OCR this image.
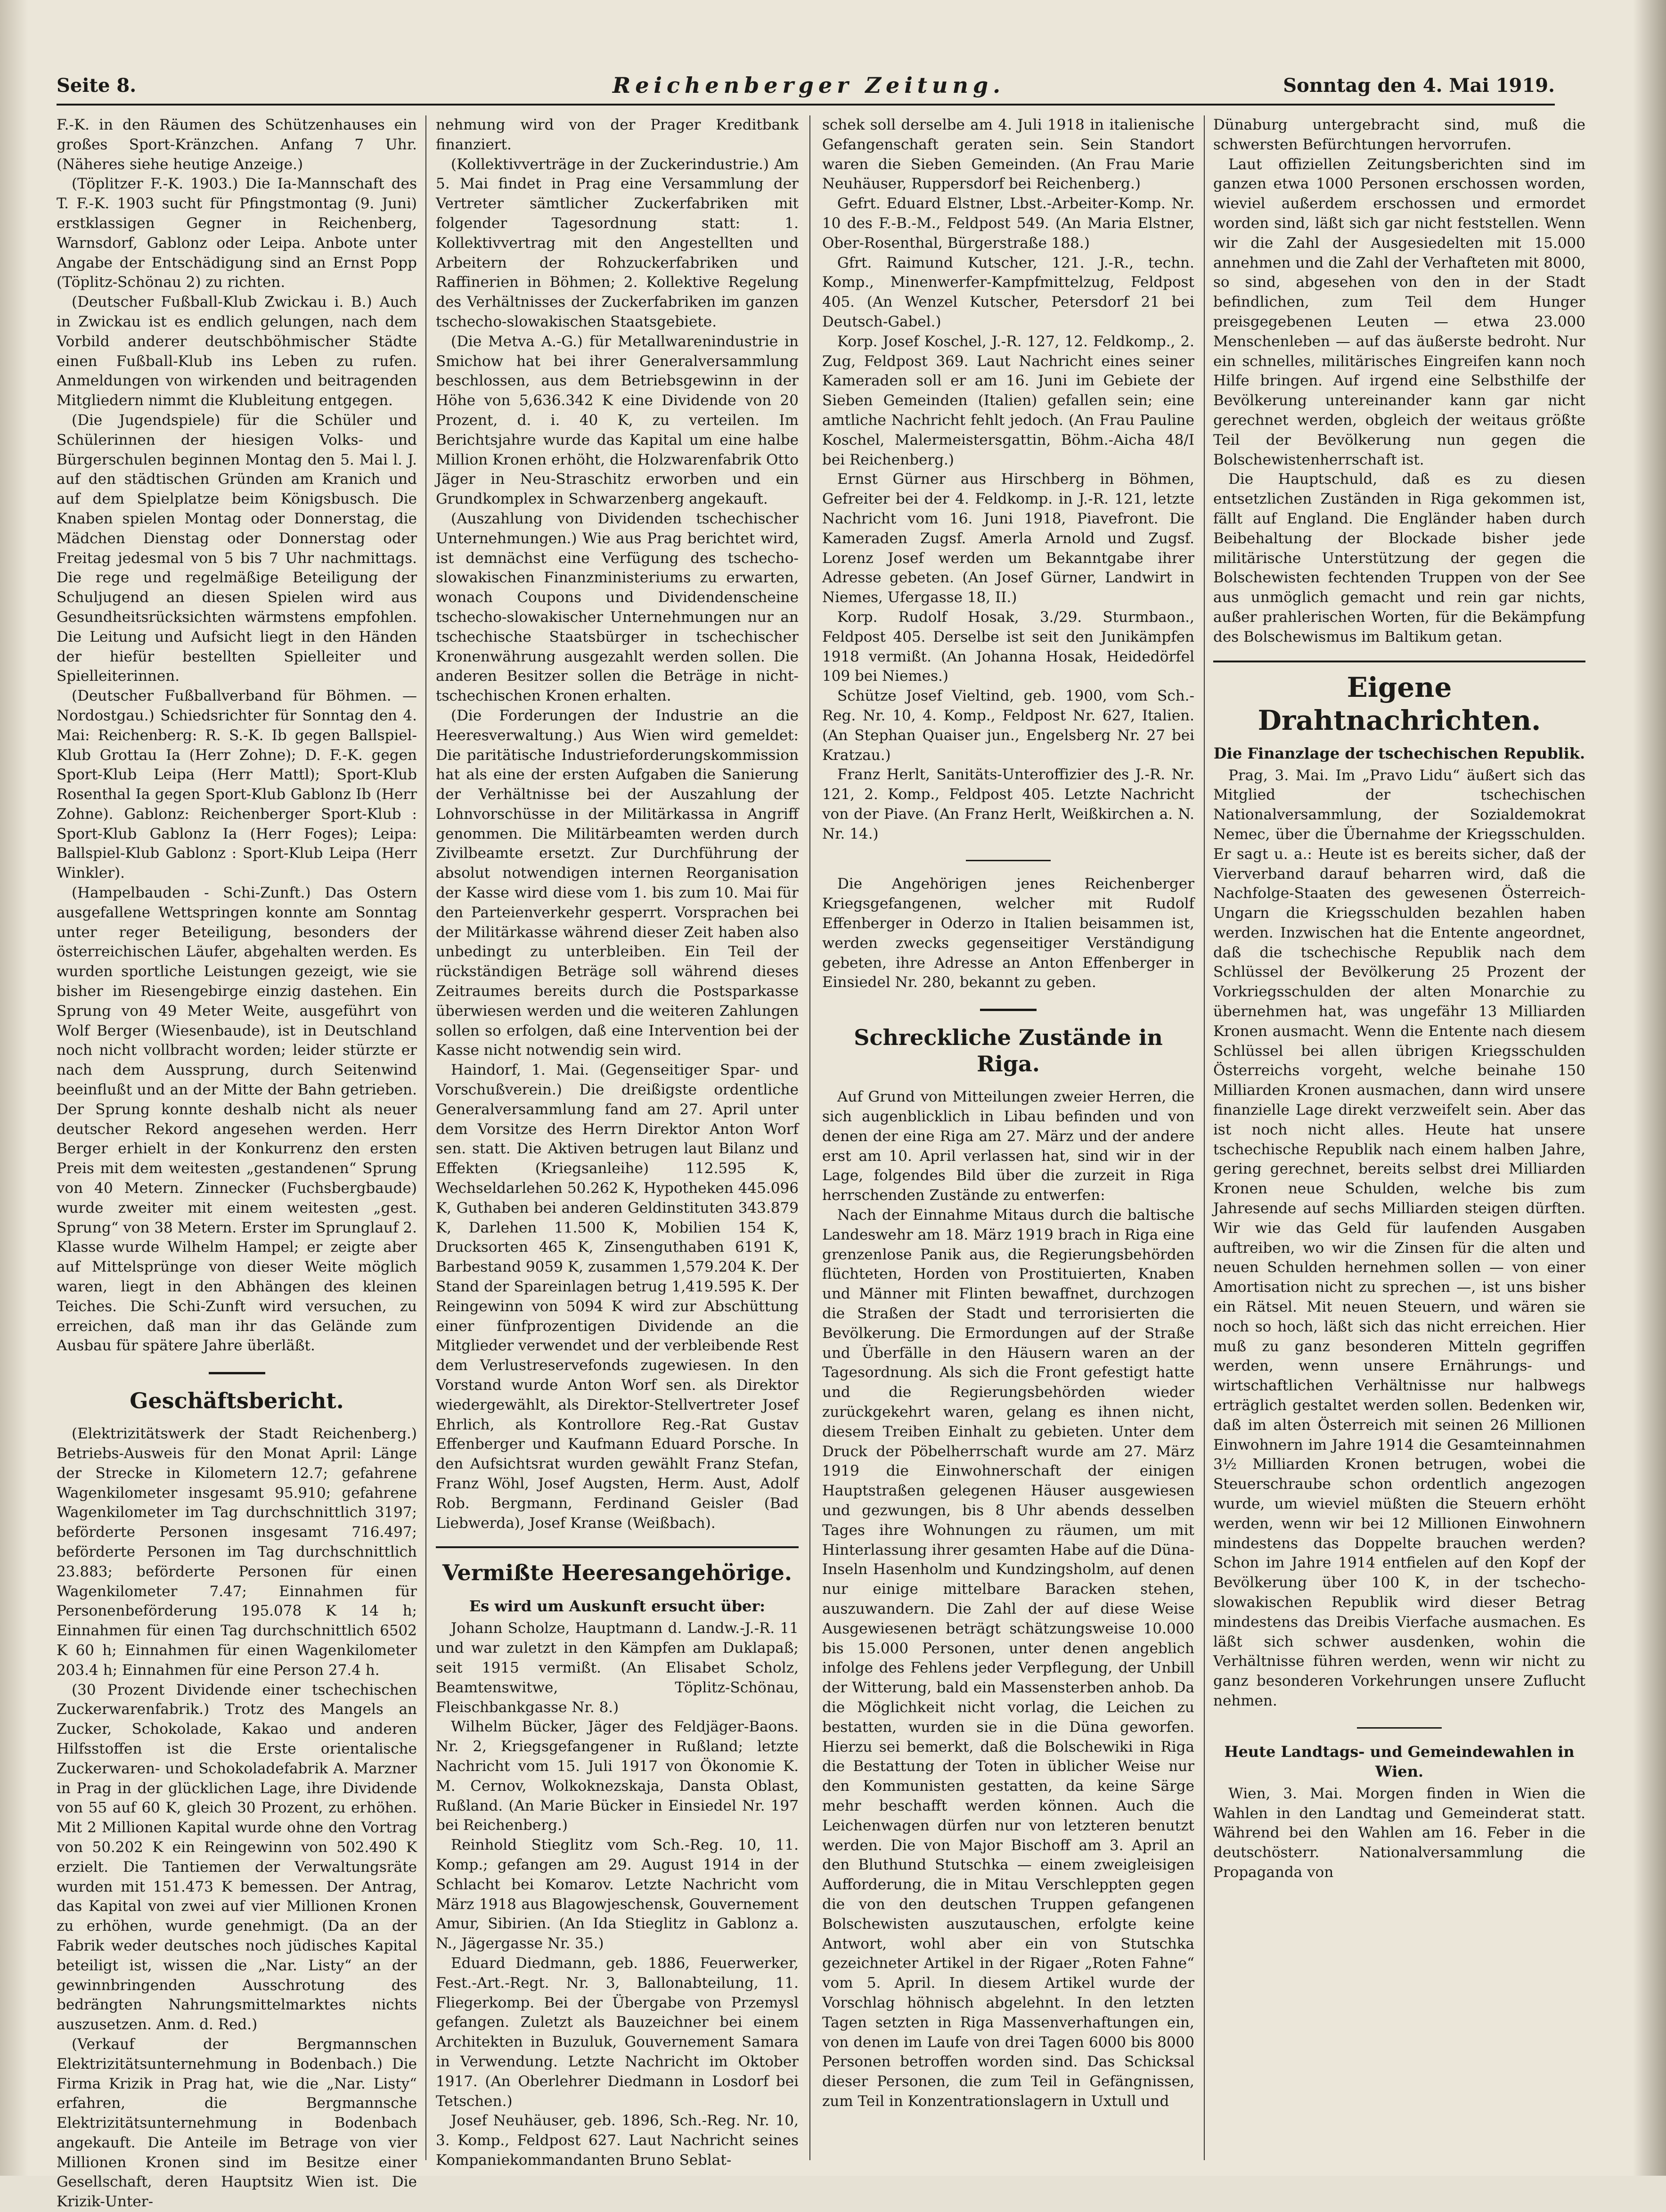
Seite 8.	Reichenberger Zeitung.	Sonntag den 4. Mai 1919.

F.-K. in den Räumen des Schützenhauses ein großes Sport-Kränzchen. Anfang 7 Uhr. (Näheres siehe heutige Anzeige.)

(Töplitzer F.-K. 1903.) Die Ia-Mannschaft des T. F.-K. 1903 sucht für Pfingstmontag (9. Juni) erstklassigen Gegner in Reichenberg, Warnsdorf, Gablonz oder Leipa. Anbote unter Angabe der Entschädigung sind an Ernst Popp (Töplitz-Schönau 2) zu richten.

(Deutscher Fußball-Klub Zwickau i. B.) Auch in Zwickau ist es endlich gelungen, nach dem Vorbild anderer deutschböhmischer Städte einen Fußball-Klub ins Leben zu rufen. Anmeldungen von wirkenden und beitragenden Mitgliedern nimmt die Klubleitung entgegen.

(Die Jugendspiele) für die Schüler und Schülerinnen der hiesigen Volks- und Bürgerschulen beginnen Montag den 5. Mai l. J. auf den städtischen Gründen am Kranich und auf dem Spielplatze beim Königsbusch. Die Knaben spielen Montag oder Donnerstag, die Mädchen Dienstag oder Donnerstag oder Freitag jedesmal von 5 bis 7 Uhr nachmittags. Die rege und regelmäßige Beteiligung der Schuljugend an diesen Spielen wird aus Gesundheitsrücksichten wärmstens empfohlen. Die Leitung und Aufsicht liegt in den Händen der hiefür bestellten Spielleiter und Spielleiterinnen.

(Deutscher Fußballverband für Böhmen. — Nordostgau.) Schiedsrichter für Sonntag den 4. Mai: Reichenberg: R. S.-K. Ib gegen Ballspiel-Klub Grottau Ia (Herr Zohne); D. F.-K. gegen Sport-Klub Leipa (Herr Mattl); Sport-Klub Rosenthal Ia gegen Sport-Klub Gablonz Ib (Herr Zohne). Gablonz: Reichenberger Sport-Klub : Sport-Klub Gablonz Ia (Herr Foges); Leipa: Ballspiel-Klub Gablonz : Sport-Klub Leipa (Herr Winkler).

(Hampelbauden - Schi-Zunft.) Das Ostern ausgefallene Wettspringen konnte am Sonntag unter reger Beteiligung, besonders der österreichischen Läufer, abgehalten werden. Es wurden sportliche Leistungen gezeigt, wie sie bisher im Riesengebirge einzig dastehen. Ein Sprung von 49 Meter Weite, ausgeführt von Wolf Berger (Wiesenbaude), ist in Deutschland noch nicht vollbracht worden; leider stürzte er nach dem Aussprung, durch Seitenwind beeinflußt und an der Mitte der Bahn getrieben. Der Sprung konnte deshalb nicht als neuer deutscher Rekord angesehen werden. Herr Berger erhielt in der Konkurrenz den ersten Preis mit dem weitesten „gestandenen“ Sprung von 40 Metern. Zinnecker (Fuchsbergbaude) wurde zweiter mit einem weitesten „gest. Sprung“ von 38 Metern. Erster im Sprunglauf 2. Klasse wurde Wilhelm Hampel; er zeigte aber auf Mittelsprünge von dieser Weite möglich waren, liegt in den Abhängen des kleinen Teiches. Die Schi-Zunft wird versuchen, zu erreichen, daß man ihr das Gelände zum Ausbau für spätere Jahre überläßt.

Geschäftsbericht.

(Elektrizitätswerk der Stadt Reichenberg.) Betriebs-Ausweis für den Monat April: Länge der Strecke in Kilometern 12.7; gefahrene Wagenkilometer insgesamt 95.910; gefahrene Wagenkilometer im Tag durchschnittlich 3197; beförderte Personen insgesamt 716.497; beförderte Personen im Tag durchschnittlich 23.883; beförderte Personen für einen Wagenkilometer 7.47; Einnahmen für Personenbeförderung 195.078 K 14 h; Einnahmen für einen Tag durchschnittlich 6502 K 60 h; Einnahmen für einen Wagenkilometer 203.4 h; Einnahmen für eine Person 27.4 h.

(30 Prozent Dividende einer tschechischen Zuckerwarenfabrik.) Trotz des Mangels an Zucker, Schokolade, Kakao und anderen Hilfsstoffen ist die Erste orientalische Zuckerwaren- und Schokoladefabrik A. Marzner in Prag in der glücklichen Lage, ihre Dividende von 55 auf 60 K, gleich 30 Prozent, zu erhöhen. Mit 2 Millionen Kapital wurde ohne den Vortrag von 50.202 K ein Reingewinn von 502.490 K erzielt. Die Tantiemen der Verwaltungsräte wurden mit 151.473 K bemessen. Der Antrag, das Kapital von zwei auf vier Millionen Kronen zu erhöhen, wurde genehmigt. (Da an der Fabrik weder deutsches noch jüdisches Kapital beteiligt ist, wissen die „Nar. Listy“ an der gewinnbringenden Ausschrotung des bedrängten Nahrungsmittelmarktes nichts auszusetzen. Anm. d. Red.)

(Verkauf der Bergmannschen Elektrizitätsunternehmung in Bodenbach.) Die Firma Krizik in Prag hat, wie die „Nar. Listy“ erfahren, die Bergmannsche Elektrizitätsunternehmung in Bodenbach angekauft. Die Anteile im Betrage von vier Millionen Kronen sind im Besitze einer Gesellschaft, deren Hauptsitz Wien ist. Die Krizik-Unter-

nehmung wird von der Prager Kreditbank finanziert.

(Kollektivverträge in der Zuckerindustrie.) Am 5. Mai findet in Prag eine Versammlung der Vertreter sämtlicher Zuckerfabriken mit folgender Tagesordnung statt: 1. Kollektivvertrag mit den Angestellten und Arbeitern der Rohzuckerfabriken und Raffinerien in Böhmen; 2. Kollektive Regelung des Verhältnisses der Zuckerfabriken im ganzen tschecho-slowakischen Staatsgebiete.

(Die Metva A.-G.) für Metallwarenindustrie in Smichow hat bei ihrer Generalversammlung beschlossen, aus dem Betriebsgewinn in der Höhe von 5,636.342 K eine Dividende von 20 Prozent, d. i. 40 K, zu verteilen. Im Berichtsjahre wurde das Kapital um eine halbe Million Kronen erhöht, die Holzwarenfabrik Otto Jäger in Neu-Straschitz erworben und ein Grundkomplex in Schwarzenberg angekauft.

(Auszahlung von Dividenden tschechischer Unternehmungen.) Wie aus Prag berichtet wird, ist demnächst eine Verfügung des tschecho-slowakischen Finanzministeriums zu erwarten, wonach Coupons und Dividendenscheine tschecho-slowakischer Unternehmungen nur an tschechische Staatsbürger in tschechischer Kronenwährung ausgezahlt werden sollen. Die anderen Besitzer sollen die Beträge in nicht-tschechischen Kronen erhalten.

(Die Forderungen der Industrie an die Heeresverwaltung.) Aus Wien wird gemeldet: Die paritätische Industrieforderungskommission hat als eine der ersten Aufgaben die Sanierung der Verhältnisse bei der Auszahlung der Lohnvorschüsse in der Militärkassa in Angriff genommen. Die Militärbeamten werden durch Zivilbeamte ersetzt. Zur Durchführung der absolut notwendigen internen Reorganisation der Kasse wird diese vom 1. bis zum 10. Mai für den Parteienverkehr gesperrt. Vorsprachen bei der Militärkasse während dieser Zeit haben also unbedingt zu unterbleiben. Ein Teil der rückständigen Beträge soll während dieses Zeitraumes bereits durch die Postsparkasse überwiesen werden und die weiteren Zahlungen sollen so erfolgen, daß eine Intervention bei der Kasse nicht notwendig sein wird.

Haindorf, 1. Mai. (Gegenseitiger Spar- und Vorschußverein.) Die dreißigste ordentliche Generalversammlung fand am 27. April unter dem Vorsitze des Herrn Direktor Anton Worf sen. statt. Die Aktiven betrugen laut Bilanz und Effekten (Kriegsanleihe) 112.595 K, Wechseldarlehen 50.262 K, Hypotheken 445.096 K, Guthaben bei anderen Geldinstituten 343.879 K, Darlehen 11.500 K, Mobilien 154 K, Drucksorten 465 K, Zinsenguthaben 6191 K, Barbestand 9059 K, zusammen 1,579.204 K. Der Stand der Spareinlagen betrug 1,419.595 K. Der Reingewinn von 5094 K wird zur Abschüttung einer fünfprozentigen Dividende an die Mitglieder verwendet und der verbleibende Rest dem Verlustreservefonds zugewiesen. In den Vorstand wurde Anton Worf sen. als Direktor wiedergewählt, als Direktor-Stellvertreter Josef Ehrlich, als Kontrollore Reg.-Rat Gustav Effenberger und Kaufmann Eduard Porsche. In den Aufsichtsrat wurden gewählt Franz Stefan, Franz Wöhl, Josef Augsten, Herm. Aust, Adolf Rob. Bergmann, Ferdinand Geisler (Bad Liebwerda), Josef Kranse (Weißbach).

Vermißte Heeresangehörige.
Es wird um Auskunft ersucht über:

Johann Scholze, Hauptmann d. Landw.-J.-R. 11 und war zuletzt in den Kämpfen am Duklapaß; seit 1915 vermißt. (An Elisabet Scholz, Beamtenswitwe, Töplitz-Schönau, Fleischbankgasse Nr. 8.)

Wilhelm Bücker, Jäger des Feldjäger-Baons. Nr. 2, Kriegsgefangener in Rußland; letzte Nachricht vom 15. Juli 1917 von Ökonomie K. M. Cernov, Wolkoknezskaja, Dansta Oblast, Rußland. (An Marie Bücker in Einsiedel Nr. 197 bei Reichenberg.)

Reinhold Stieglitz vom Sch.-Reg. 10, 11. Komp.; gefangen am 29. August 1914 in der Schlacht bei Komarov. Letzte Nachricht vom März 1918 aus Blagowjeschensk, Gouvernement Amur, Sibirien. (An Ida Stieglitz in Gablonz a. N., Jägergasse Nr. 35.)

Eduard Diedmann, geb. 1886, Feuerwerker, Fest.-Art.-Regt. Nr. 3, Ballonabteilung, 11. Fliegerkomp. Bei der Übergabe von Przemysl gefangen. Zuletzt als Bauzeichner bei einem Architekten in Buzuluk, Gouvernement Samara in Verwendung. Letzte Nachricht im Oktober 1917. (An Oberlehrer Diedmann in Losdorf bei Tetschen.)

Josef Neuhäuser, geb. 1896, Sch.-Reg. Nr. 10, 3. Komp., Feldpost 627. Laut Nachricht seines Kompaniekommandanten Bruno Seblat-

schek soll derselbe am 4. Juli 1918 in italienische Gefangenschaft geraten sein. Sein Standort waren die Sieben Gemeinden. (An Frau Marie Neuhäuser, Ruppersdorf bei Reichenberg.)

Gefrt. Eduard Elstner, Lbst.-Arbeiter-Komp. Nr. 10 des F.-B.-M., Feldpost 549. (An Maria Elstner, Ober-Rosenthal, Bürgerstraße 188.)

Gfrt. Raimund Kutscher, 121. J.-R., techn. Komp., Minenwerfer-Kampfmittelzug, Feldpost 405. (An Wenzel Kutscher, Petersdorf 21 bei Deutsch-Gabel.)

Korp. Josef Koschel, J.-R. 127, 12. Feldkomp., 2. Zug, Feldpost 369. Laut Nachricht eines seiner Kameraden soll er am 16. Juni im Gebiete der Sieben Gemeinden (Italien) gefallen sein; eine amtliche Nachricht fehlt jedoch. (An Frau Pauline Koschel, Malermeistersgattin, Böhm.-Aicha 48/I bei Reichenberg.)

Ernst Gürner aus Hirschberg in Böhmen, Gefreiter bei der 4. Feldkomp. in J.-R. 121, letzte Nachricht vom 16. Juni 1918, Piavefront. Die Kameraden Zugsf. Amerla Arnold und Zugsf. Lorenz Josef werden um Bekanntgabe ihrer Adresse gebeten. (An Josef Gürner, Landwirt in Niemes, Ufergasse 18, II.)

Korp. Rudolf Hosak, 3./29. Sturmbaon., Feldpost 405. Derselbe ist seit den Junikämpfen 1918 vermißt. (An Johanna Hosak, Heidedörfel 109 bei Niemes.)

Schütze Josef Vieltind, geb. 1900, vom Sch.-Reg. Nr. 10, 4. Komp., Feldpost Nr. 627, Italien. (An Stephan Quaiser jun., Engelsberg Nr. 27 bei Kratzau.)

Franz Herlt, Sanitäts-Unteroffizier des J.-R. Nr. 121, 2. Komp., Feldpost 405. Letzte Nachricht von der Piave. (An Franz Herlt, Weißkirchen a. N. Nr. 14.)

Die Angehörigen jenes Reichenberger Kriegsgefangenen, welcher mit Rudolf Effenberger in Oderzo in Italien beisammen ist, werden zwecks gegenseitiger Verständigung gebeten, ihre Adresse an Anton Effenberger in Einsiedel Nr. 280, bekannt zu geben.

Schreckliche Zustände in Riga.

Auf Grund von Mitteilungen zweier Herren, die sich augenblicklich in Libau befinden und von denen der eine Riga am 27. März und der andere erst am 10. April verlassen hat, sind wir in der Lage, folgendes Bild über die zurzeit in Riga herrschenden Zustände zu entwerfen:

Nach der Einnahme Mitaus durch die baltische Landeswehr am 18. März 1919 brach in Riga eine grenzenlose Panik aus, die Regierungsbehörden flüchteten, Horden von Prostituierten, Knaben und Männer mit Flinten bewaffnet, durchzogen die Straßen der Stadt und terrorisierten die Bevölkerung. Die Ermordungen auf der Straße und Überfälle in den Häusern waren an der Tagesordnung. Als sich die Front gefestigt hatte und die Regierungsbehörden wieder zurückgekehrt waren, gelang es ihnen nicht, diesem Treiben Einhalt zu gebieten. Unter dem Druck der Pöbelherrschaft wurde am 27. März 1919 die Einwohnerschaft der einigen Hauptstraßen gelegenen Häuser ausgewiesen und gezwungen, bis 8 Uhr abends desselben Tages ihre Wohnungen zu räumen, um mit Hinterlassung ihrer gesamten Habe auf die Düna-Inseln Hasenholm und Kundzingsholm, auf denen nur einige mittelbare Baracken stehen, auszuwandern. Die Zahl der auf diese Weise Ausgewiesenen beträgt schätzungsweise 10.000 bis 15.000 Personen, unter denen angeblich infolge des Fehlens jeder Verpflegung, der Unbill der Witterung, bald ein Massensterben anhob. Da die Möglichkeit nicht vorlag, die Leichen zu bestatten, wurden sie in die Düna geworfen. Hierzu sei bemerkt, daß die Bolschewiki in Riga die Bestattung der Toten in üblicher Weise nur den Kommunisten gestatten, da keine Särge mehr beschafft werden können. Auch die Leichenwagen dürfen nur von letzteren benutzt werden. Die von Major Bischoff am 3. April an den Bluthund Stutschka — einem zweigleisigen Aufforderung, die in Mitau Verschleppten gegen die von den deutschen Truppen gefangenen Bolschewisten auszutauschen, erfolgte keine Antwort, wohl aber ein von Stutschka gezeichneter Artikel in der Rigaer „Roten Fahne“ vom 5. April. In diesem Artikel wurde der Vorschlag höhnisch abgelehnt. In den letzten Tagen setzten in Riga Massenverhaftungen ein, von denen im Laufe von drei Tagen 6000 bis 8000 Personen betroffen worden sind. Das Schicksal dieser Personen, die zum Teil in Gefängnissen, zum Teil in Konzentrationslagern in Uxtull und

Dünaburg untergebracht sind, muß die schwersten Befürchtungen hervorrufen.

Laut offiziellen Zeitungsberichten sind im ganzen etwa 1000 Personen erschossen worden, wieviel außerdem erschossen und ermordet worden sind, läßt sich gar nicht feststellen. Wenn wir die Zahl der Ausgesiedelten mit 15.000 annehmen und die Zahl der Verhafteten mit 8000, so sind, abgesehen von den in der Stadt befindlichen, zum Teil dem Hunger preisgegebenen Leuten — etwa 23.000 Menschenleben — auf das äußerste bedroht. Nur ein schnelles, militärisches Eingreifen kann noch Hilfe bringen. Auf irgend eine Selbsthilfe der Bevölkerung untereinander kann gar nicht gerechnet werden, obgleich der weitaus größte Teil der Bevölkerung nun gegen die Bolschewistenherrschaft ist.

Die Hauptschuld, daß es zu diesen entsetzlichen Zuständen in Riga gekommen ist, fällt auf England. Die Engländer haben durch Beibehaltung der Blockade bisher jede militärische Unterstützung der gegen die Bolschewisten fechtenden Truppen von der See aus unmöglich gemacht und rein gar nichts, außer prahlerischen Worten, für die Bekämpfung des Bolschewismus im Baltikum getan.

Eigene Drahtnachrichten.
Die Finanzlage der tschechischen Republik.

Prag, 3. Mai. Im „Pravo Lidu“ äußert sich das Mitglied der tschechischen Nationalversammlung, der Sozialdemokrat Nemec, über die Übernahme der Kriegsschulden. Er sagt u. a.: Heute ist es bereits sicher, daß der Vierverband darauf beharren wird, daß die Nachfolge-Staaten des gewesenen Österreich-Ungarn die Kriegsschulden bezahlen haben werden. Inzwischen hat die Entente angeordnet, daß die tschechische Republik nach dem Schlüssel der Bevölkerung 25 Prozent der Vorkriegsschulden der alten Monarchie zu übernehmen hat, was ungefähr 13 Milliarden Kronen ausmacht. Wenn die Entente nach diesem Schlüssel bei allen übrigen Kriegsschulden Österreichs vorgeht, welche beinahe 150 Milliarden Kronen ausmachen, dann wird unsere finanzielle Lage direkt verzweifelt sein. Aber das ist noch nicht alles. Heute hat unsere tschechische Republik nach einem halben Jahre, gering gerechnet, bereits selbst drei Milliarden Kronen neue Schulden, welche bis zum Jahresende auf sechs Milliarden steigen dürften. Wir wie das Geld für laufenden Ausgaben auftreiben, wo wir die Zinsen für die alten und neuen Schulden hernehmen sollen — von einer Amortisation nicht zu sprechen —, ist uns bisher ein Rätsel. Mit neuen Steuern, und wären sie noch so hoch, läßt sich das nicht erreichen. Hier muß zu ganz besonderen Mitteln gegriffen werden, wenn unsere Ernährungs- und wirtschaftlichen Verhältnisse nur halbwegs erträglich gestaltet werden sollen. Bedenken wir, daß im alten Österreich mit seinen 26 Millionen Einwohnern im Jahre 1914 die Gesamteinnahmen 3½ Milliarden Kronen betrugen, wobei die Steuerschraube schon ordentlich angezogen wurde, um wieviel müßten die Steuern erhöht werden, wenn wir bei 12 Millionen Einwohnern mindestens das Doppelte brauchen werden? Schon im Jahre 1914 entfielen auf den Kopf der Bevölkerung über 100 K, in der tschecho-slowakischen Republik wird dieser Betrag mindestens das Dreibis Vierfache ausmachen. Es läßt sich schwer ausdenken, wohin die Verhältnisse führen werden, wenn wir nicht zu ganz besonderen Vorkehrungen unsere Zuflucht nehmen.

Heute Landtags- und Gemeindewahlen in Wien.

Wien, 3. Mai. Morgen finden in Wien die Wahlen in den Landtag und Gemeinderat statt. Während bei den Wahlen am 16. Feber in die deutschösterr. Nationalversammlung die Propaganda von
